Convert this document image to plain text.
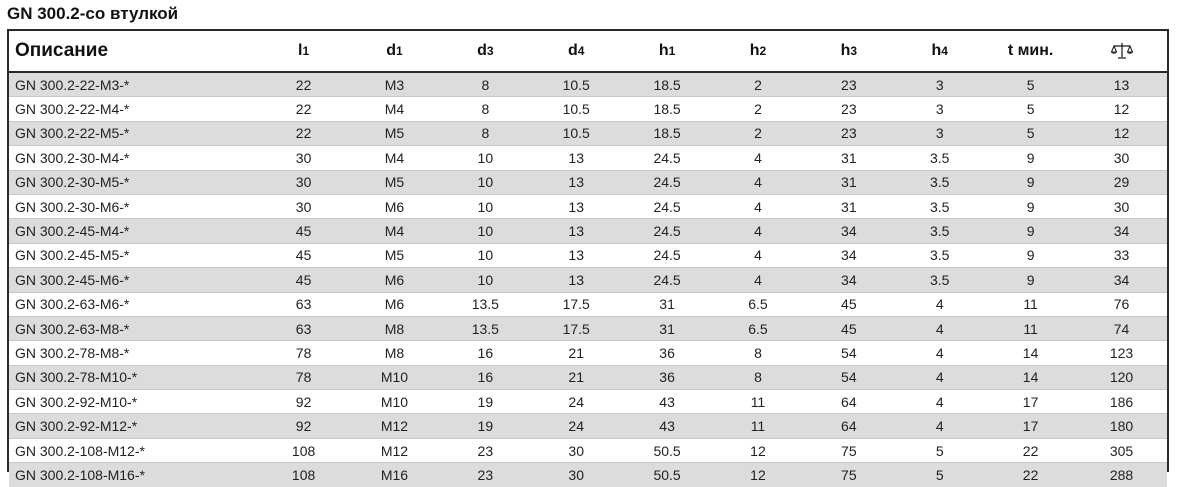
GN 300.2-со втулкой
Описание	l1	d1	d3	d4	h1	h2	h3	h4	t мин.	
GN 300.2-22-M3-*	22	M3	8	10.5	18.5	2	23	3	5	13
GN 300.2-22-M4-*	22	M4	8	10.5	18.5	2	23	3	5	12
GN 300.2-22-M5-*	22	M5	8	10.5	18.5	2	23	3	5	12
GN 300.2-30-M4-*	30	M4	10	13	24.5	4	31	3.5	9	30
GN 300.2-30-M5-*	30	M5	10	13	24.5	4	31	3.5	9	29
GN 300.2-30-M6-*	30	M6	10	13	24.5	4	31	3.5	9	30
GN 300.2-45-M4-*	45	M4	10	13	24.5	4	34	3.5	9	34
GN 300.2-45-M5-*	45	M5	10	13	24.5	4	34	3.5	9	33
GN 300.2-45-M6-*	45	M6	10	13	24.5	4	34	3.5	9	34
GN 300.2-63-M6-*	63	M6	13.5	17.5	31	6.5	45	4	11	76
GN 300.2-63-M8-*	63	M8	13.5	17.5	31	6.5	45	4	11	74
GN 300.2-78-M8-*	78	M8	16	21	36	8	54	4	14	123
GN 300.2-78-M10-*	78	M10	16	21	36	8	54	4	14	120
GN 300.2-92-M10-*	92	M10	19	24	43	11	64	4	17	186
GN 300.2-92-M12-*	92	M12	19	24	43	11	64	4	17	180
GN 300.2-108-M12-*	108	M12	23	30	50.5	12	75	5	22	305
GN 300.2-108-M16-*	108	M16	23	30	50.5	12	75	5	22	288
